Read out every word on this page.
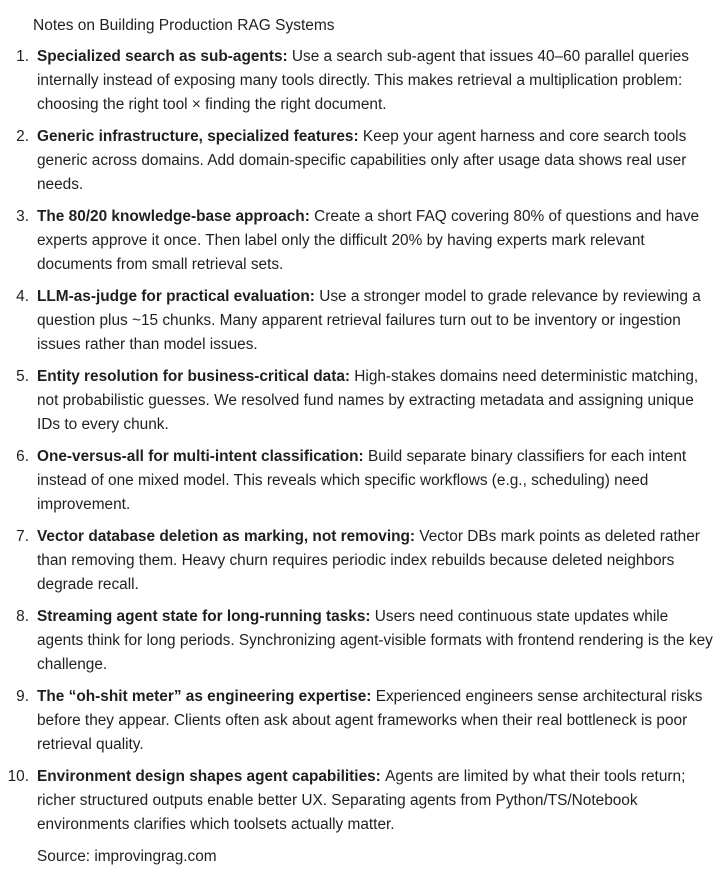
Notes on Building Production RAG Systems
1. Specialized search as sub-agents: Use a search sub-agent that issues 40–60 parallel queries internally instead of exposing many tools directly. This makes retrieval a multiplication problem: choosing the right tool × finding the right document.
2. Generic infrastructure, specialized features: Keep your agent harness and core search tools generic across domains. Add domain-specific capabilities only after usage data shows real user needs.
3. The 80/20 knowledge-base approach: Create a short FAQ covering 80% of questions and have experts approve it once. Then label only the difficult 20% by having experts mark relevant documents from small retrieval sets.
4. LLM-as-judge for practical evaluation: Use a stronger model to grade relevance by reviewing a question plus ~15 chunks. Many apparent retrieval failures turn out to be inventory or ingestion issues rather than model issues.
5. Entity resolution for business-critical data: High-stakes domains need deterministic matching, not probabilistic guesses. We resolved fund names by extracting metadata and assigning unique IDs to every chunk.
6. One-versus-all for multi-intent classification: Build separate binary classifiers for each intent instead of one mixed model. This reveals which specific workflows (e.g., scheduling) need improvement.
7. Vector database deletion as marking, not removing: Vector DBs mark points as deleted rather than removing them. Heavy churn requires periodic index rebuilds because deleted neighbors degrade recall.
8. Streaming agent state for long-running tasks: Users need continuous state updates while agents think for long periods. Synchronizing agent-visible formats with frontend rendering is the key challenge.
9. The “oh-shit meter” as engineering expertise: Experienced engineers sense architectural risks before they appear. Clients often ask about agent frameworks when their real bottleneck is poor retrieval quality.
10. Environment design shapes agent capabilities: Agents are limited by what their tools return; richer structured outputs enable better UX. Separating agents from Python/TS/Notebook environments clarifies which toolsets actually matter.

Source: improvingrag.com
